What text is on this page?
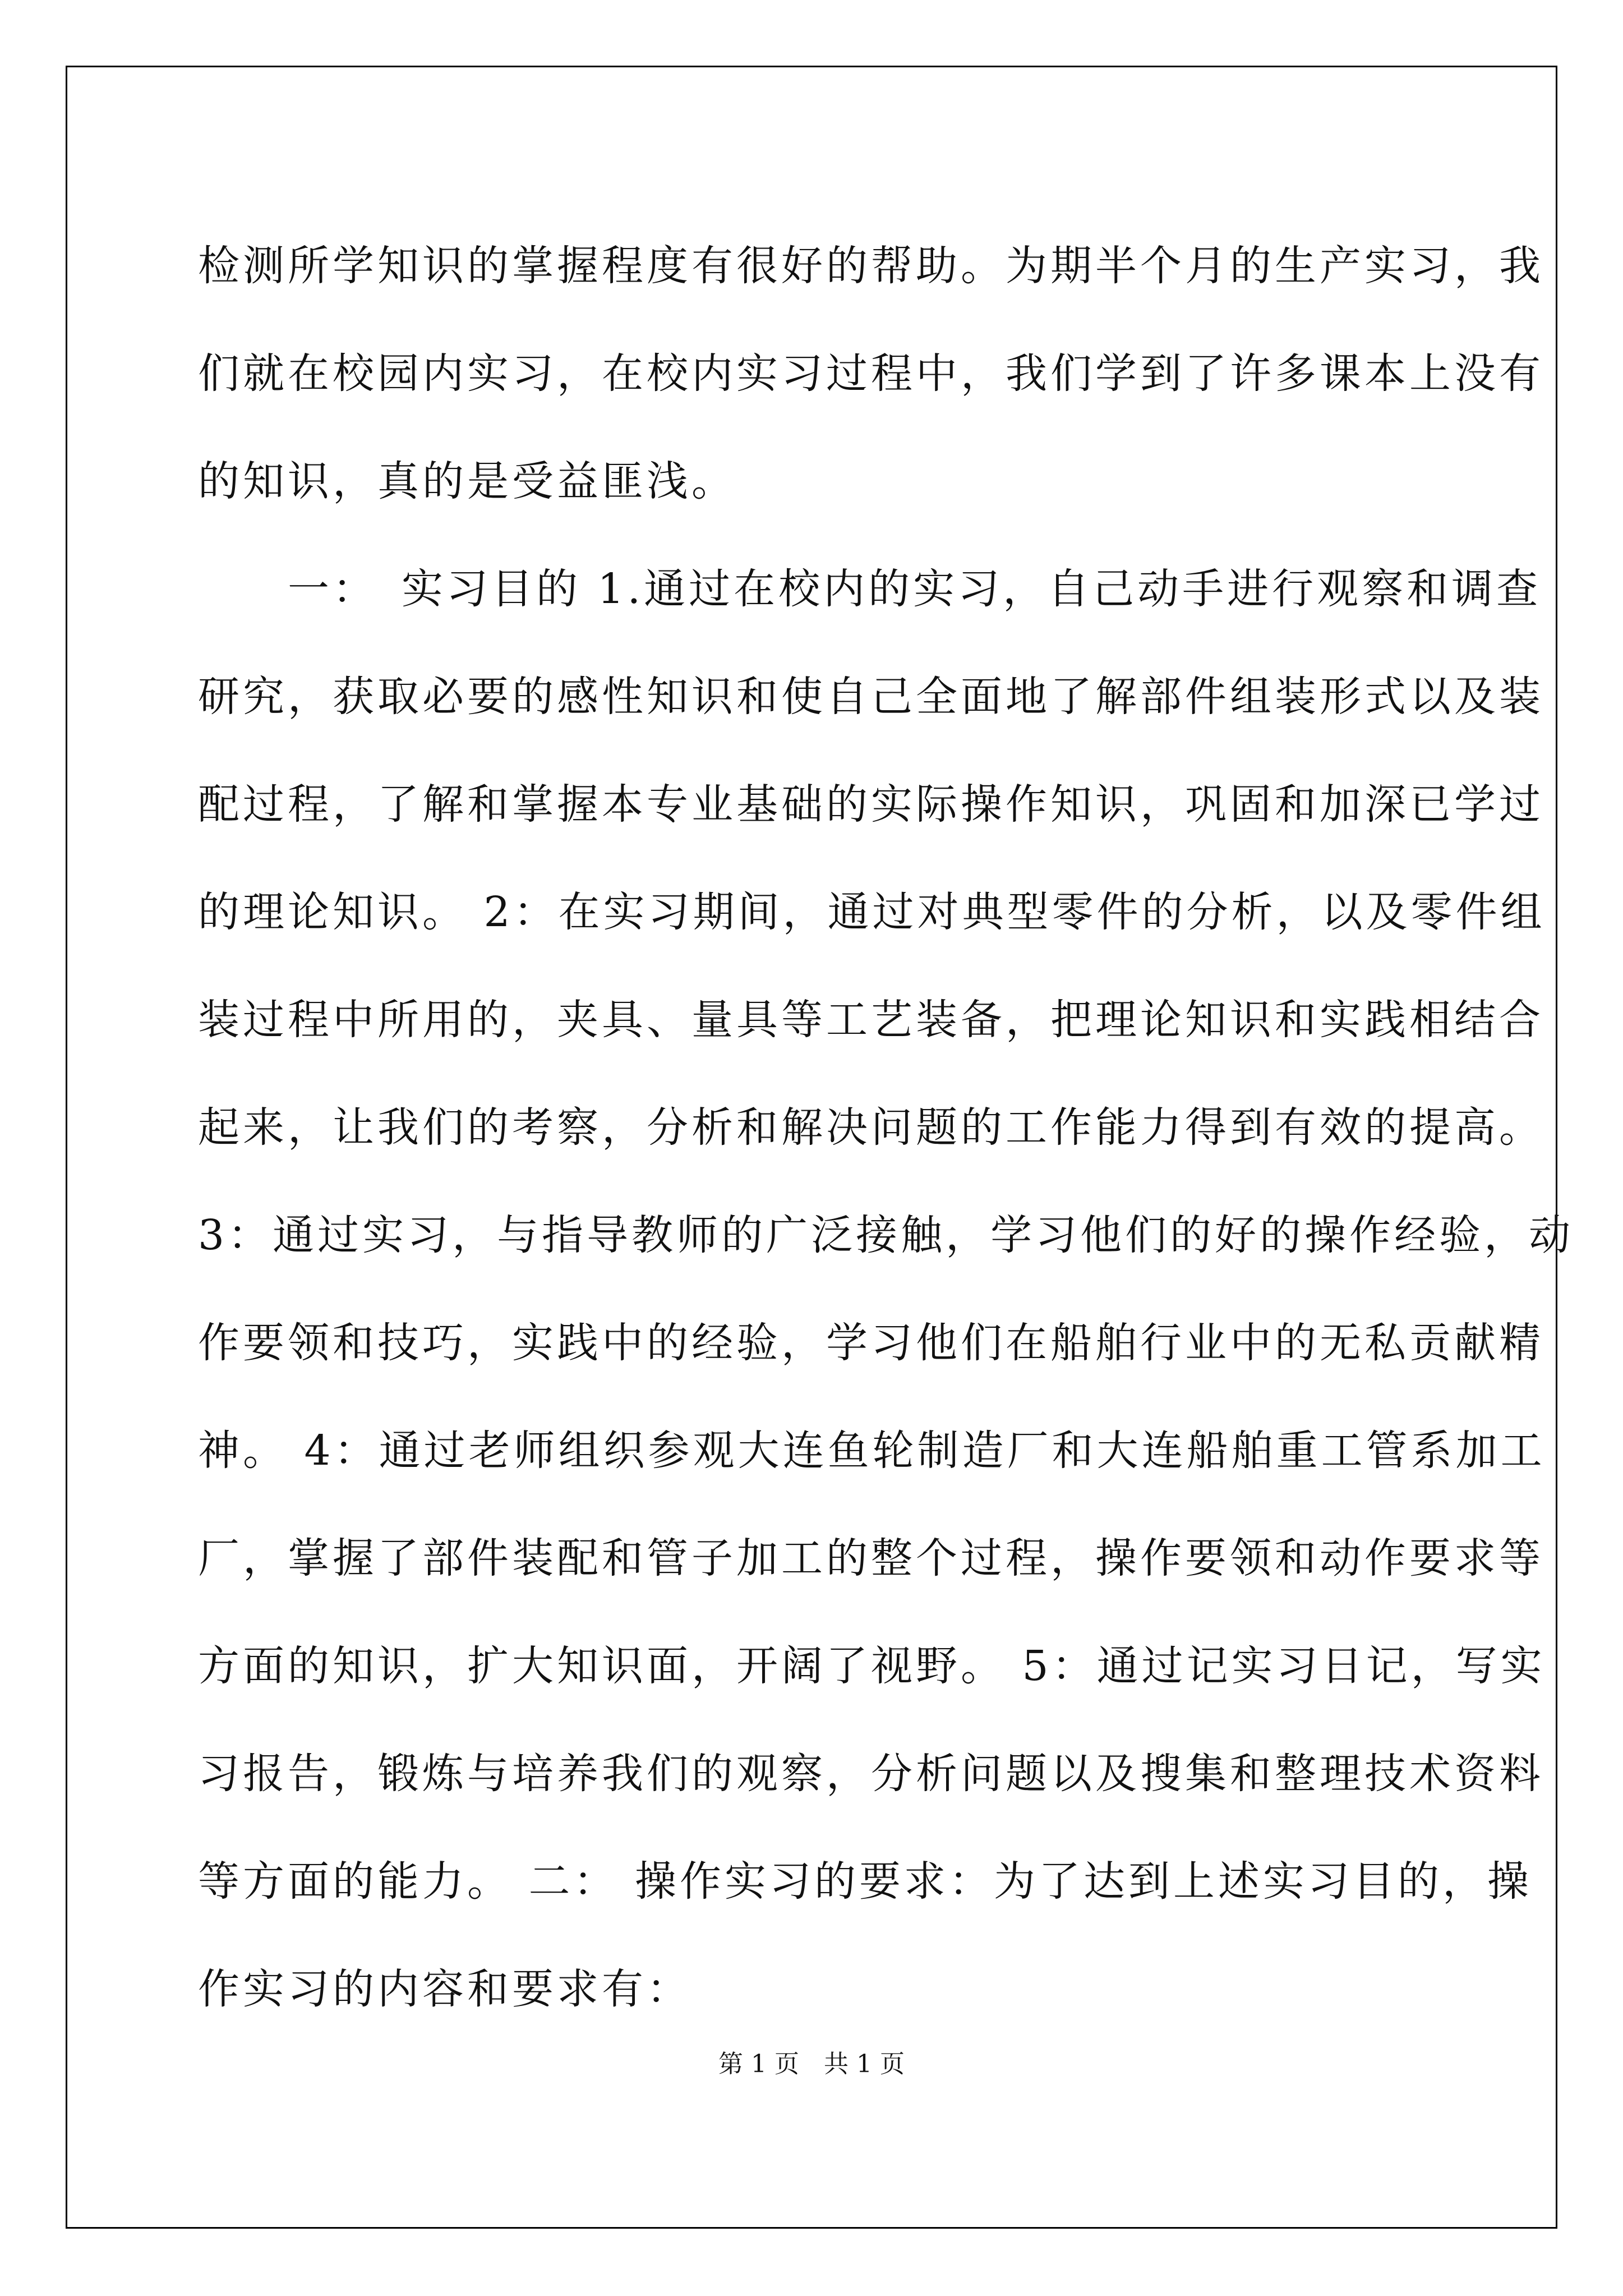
检测所学知识的掌握程度有很好的帮助。为期半个月的生产实习，我
们就在校园内实习，在校内实习过程中，我们学到了许多课本上没有
的知识，真的是受益匪浅。
　　一：　实习目的 1.通过在校内的实习，自己动手进行观察和调查
研究，获取必要的感性知识和使自己全面地了解部件组装形式以及装
配过程，了解和掌握本专业基础的实际操作知识，巩固和加深已学过
的理论知识。 2：在实习期间，通过对典型零件的分析，以及零件组
装过程中所用的，夹具、量具等工艺装备，把理论知识和实践相结合
起来，让我们的考察，分析和解决问题的工作能力得到有效的提高。
3：通过实习，与指导教师的广泛接触，学习他们的好的操作经验，动
作要领和技巧，实践中的经验，学习他们在船舶行业中的无私贡献精
神。 4：通过老师组织参观大连鱼轮制造厂和大连船舶重工管系加工
厂，掌握了部件装配和管子加工的整个过程，操作要领和动作要求等
方面的知识，扩大知识面，开阔了视野。 5：通过记实习日记，写实
习报告，锻炼与培养我们的观察，分析问题以及搜集和整理技术资料
等方面的能力。 二： 操作实习的要求：为了达到上述实习目的，操
作实习的内容和要求有：
第 1 页　共 1 页
